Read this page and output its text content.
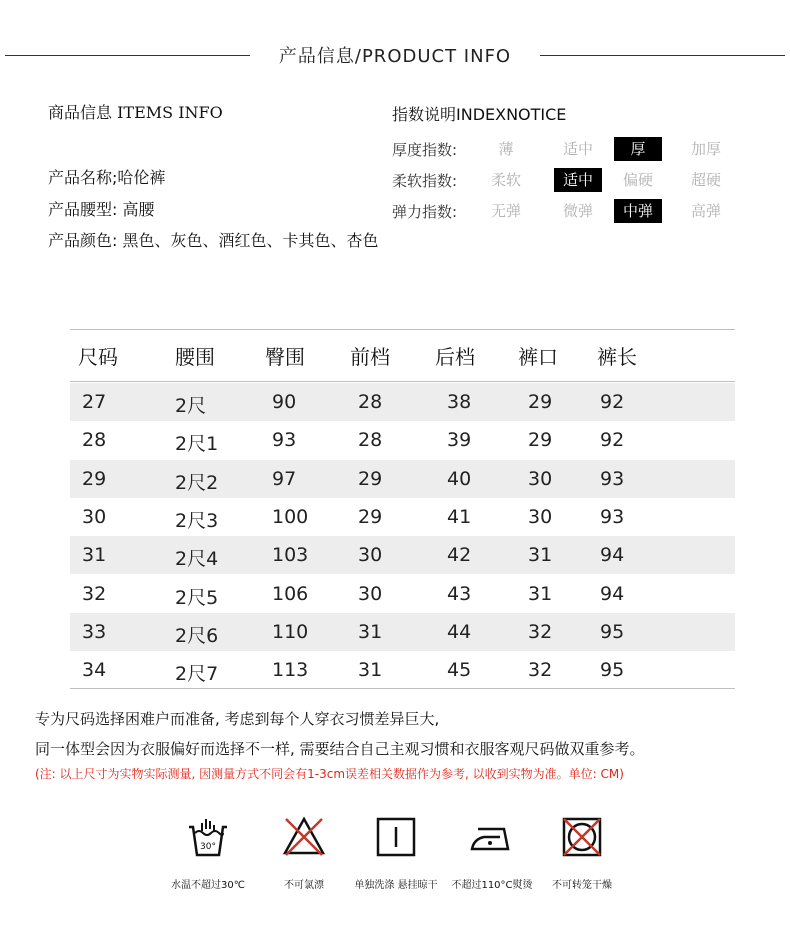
产品信息/PRODUCT INFO
商品信息 ITEMS INFO
产品名称;哈伦裤
产品腰型: 高腰
产品颜色: 黑色、灰色、酒红色、卡其色、杏色
指数说明INDEXNOTICE
厚度指数:	薄	适中	厚	加厚
柔软指数:	柔软	适中	偏硬	超硬
弹力指数:	无弹	微弹	中弹	高弹
尺码	腰围	臀围 前档 后档 裤口 裤长
27	2尺	90	28	38	29	92
28	2尺1	93	28	39	29	92
29	2尺2	97	29	40	30	93
30	2尺3	100	29	41	30	93
31	2尺4	103	30	42	31	94
32	2尺5	106	30	43	31	94
33	2尺6	110	31	44	32	95
34	2尺7	113	31	45	32	95
专为尺码选择困难户而准备, 考虑到每个人穿衣习惯差异巨大,
同一体型会因为衣服偏好而选择不一样, 需要结合自己主观习惯和衣服客观尺码做双重参考。
(注: 以上尺寸为实物实际测量, 因测量方式不同会有1-3cm误差相关数据作为参考, 以收到实物为准。单位: CM)
30°
水温不超过30℃	不可氯漂	单独洗涤 悬挂晾干	不超过110°C熨烫	不可转笼干燥
